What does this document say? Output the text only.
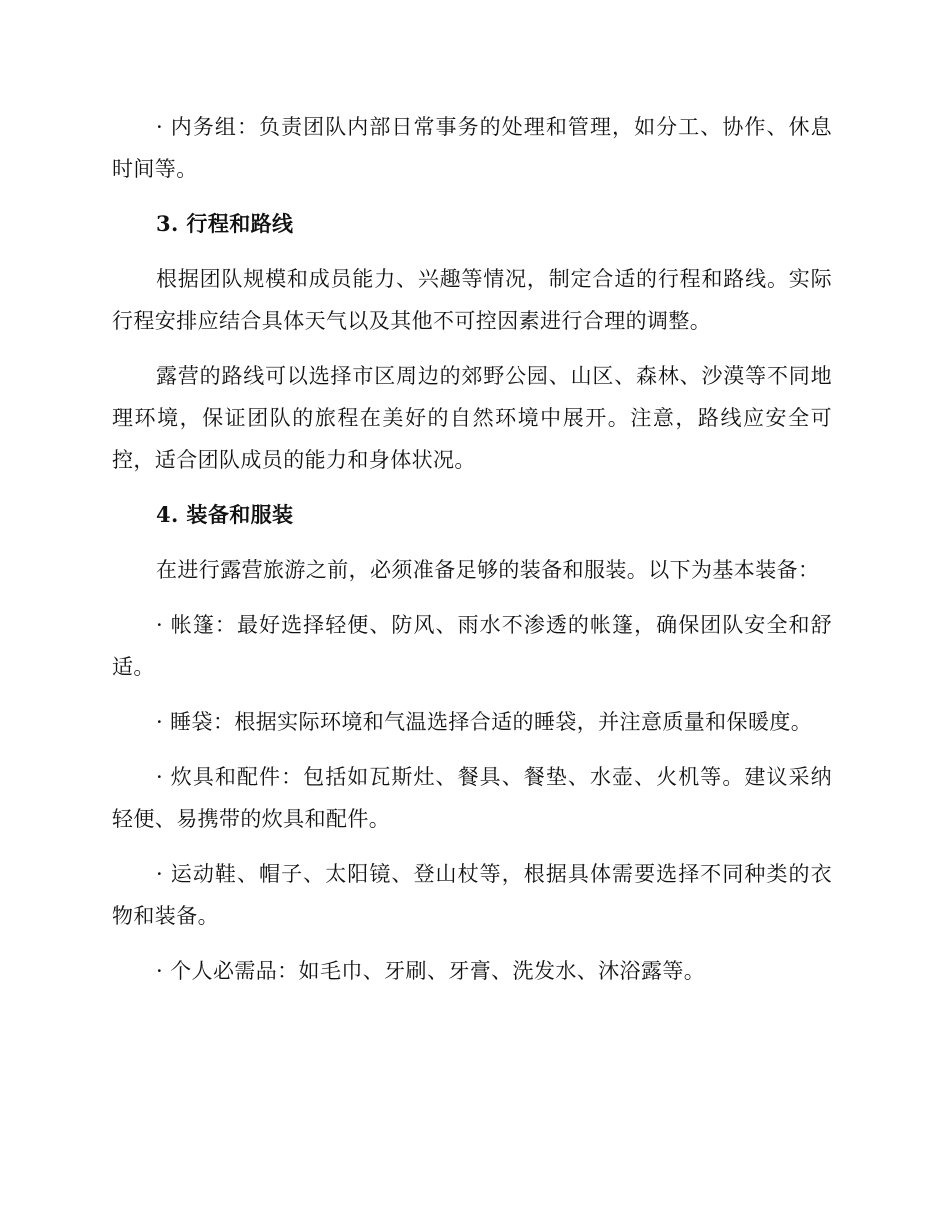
· 内务组：负责团队内部日常事务的处理和管理，如分工、协作、休息时间等。

3. 行程和路线

根据团队规模和成员能力、兴趣等情况，制定合适的行程和路线。实际行程安排应结合具体天气以及其他不可控因素进行合理的调整。

露营的路线可以选择市区周边的郊野公园、山区、森林、沙漠等不同地理环境，保证团队的旅程在美好的自然环境中展开。注意，路线应安全可控，适合团队成员的能力和身体状况。

4. 装备和服装

在进行露营旅游之前，必须准备足够的装备和服装。以下为基本装备：

· 帐篷：最好选择轻便、防风、雨水不渗透的帐篷，确保团队安全和舒适。

· 睡袋：根据实际环境和气温选择合适的睡袋，并注意质量和保暖度。

· 炊具和配件：包括如瓦斯灶、餐具、餐垫、水壶、火机等。建议采纳轻便、易携带的炊具和配件。

· 运动鞋、帽子、太阳镜、登山杖等，根据具体需要选择不同种类的衣物和装备。

· 个人必需品：如毛巾、牙刷、牙膏、洗发水、沐浴露等。
